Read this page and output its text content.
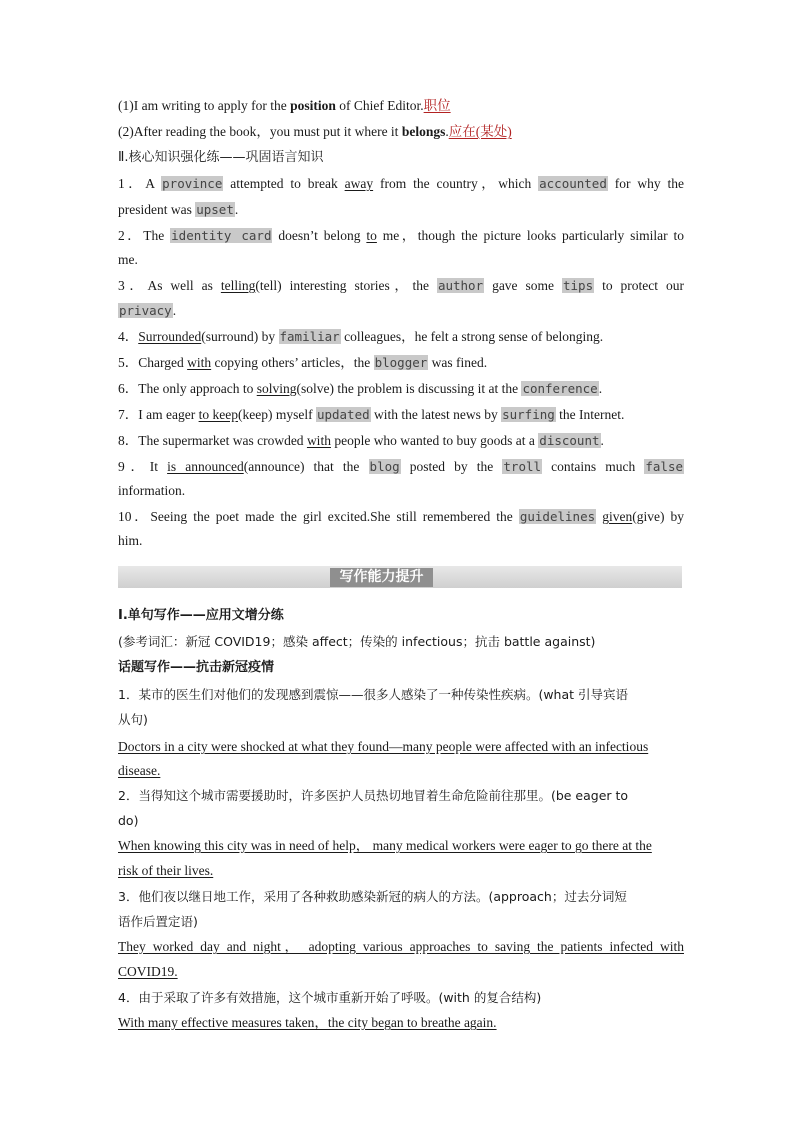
(1)I am writing to apply for the position of Chief Editor.职位
(2)After reading the book，you must put it where it belongs.应在(某处)
Ⅱ.核心知识强化练——巩固语言知识
1．A province attempted to break away from the country，which accounted for why the
president was upset.
2．The identity card doesn’t belong to me，though the picture looks particularly similar to
me.
3．As well as telling(tell) interesting stories，the author gave some tips to protect our
privacy.
4．Surrounded(surround) by familiar colleagues，he felt a strong sense of belonging.
5．Charged with copying others’ articles，the blogger was fined.
6．The only approach to solving(solve) the problem is discussing it at the conference.
7．I am eager to keep(keep) myself updated with the latest news by surfing the Internet.
8．The supermarket was crowded with people who wanted to buy goods at a discount.
9．It is announced(announce) that the blog posted by the troll contains much false
information.
10．Seeing the poet made the girl excited.She still remembered the guidelines given(give) by
him.
写作能力提升
Ⅰ.单句写作——应用文增分练
(参考词汇：新冠 COVID19；感染 affect；传染的 infectious；抗击 battle against)
话题写作——抗击新冠疫情
1．某市的医生们对他们的发现感到震惊——很多人感染了一种传染性疾病。(what 引导宾语
从句)
Doctors in a city were shocked at what they found—many people were affected with an infectious
disease.
2．当得知这个城市需要援助时，许多医护人员热切地冒着生命危险前往那里。(be eager to
do)
When knowing this city was in need of help， many medical workers were eager to go there at the
risk of their lives.
3．他们夜以继日地工作，采用了各种救助感染新冠的病人的方法。(approach；过去分词短
语作后置定语)
They worked day and night， adopting various approaches to saving the patients infected with
COVID19.
4．由于采取了许多有效措施，这个城市重新开始了呼吸。(with 的复合结构)
With many effective measures taken，the city began to breathe again.
